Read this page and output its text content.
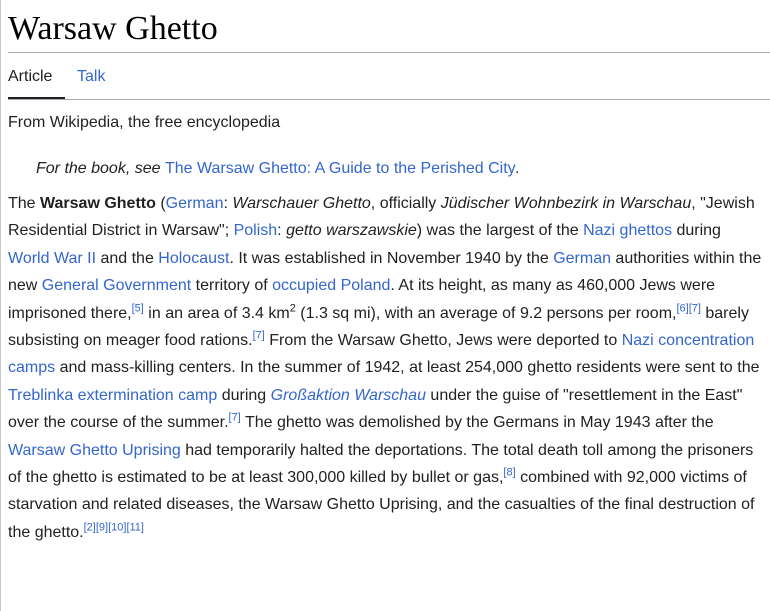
Warsaw Ghetto
Article Talk
From Wikipedia, the free encyclopedia
For the book, see The Warsaw Ghetto: A Guide to the Perished City.

The Warsaw Ghetto (German: Warschauer Ghetto, officially Jüdischer Wohnbezirk in Warschau, "Jewish Residential District in Warsaw"; Polish: getto warszawskie) was the largest of the Nazi ghettos during World War II and the Holocaust. It was established in November 1940 by the German authorities within the new General Government territory of occupied Poland. At its height, as many as 460,000 Jews were imprisoned there,[5] in an area of 3.4 $km^2$ (1.3 sq mi), with an average of 9.2 persons per room,[6][7] barely subsisting on meager food rations.[7] From the Warsaw Ghetto, Jews were deported to Nazi concentration camps and mass-killing centers. In the summer of 1942, at least 254,000 ghetto residents were sent to the Treblinka extermination camp during Großaktion Warschau under the guise of "resettlement in the East" over the course of the summer.[7] The ghetto was demolished by the Germans in May 1943 after the Warsaw Ghetto Uprising had temporarily halted the deportations. The total death toll among the prisoners of the ghetto is estimated to be at least 300,000 killed by bullet or gas,[8] combined with 92,000 victims of starvation and related diseases, the Warsaw Ghetto Uprising, and the casualties of the final destruction of the ghetto.[2][9][10][11]
